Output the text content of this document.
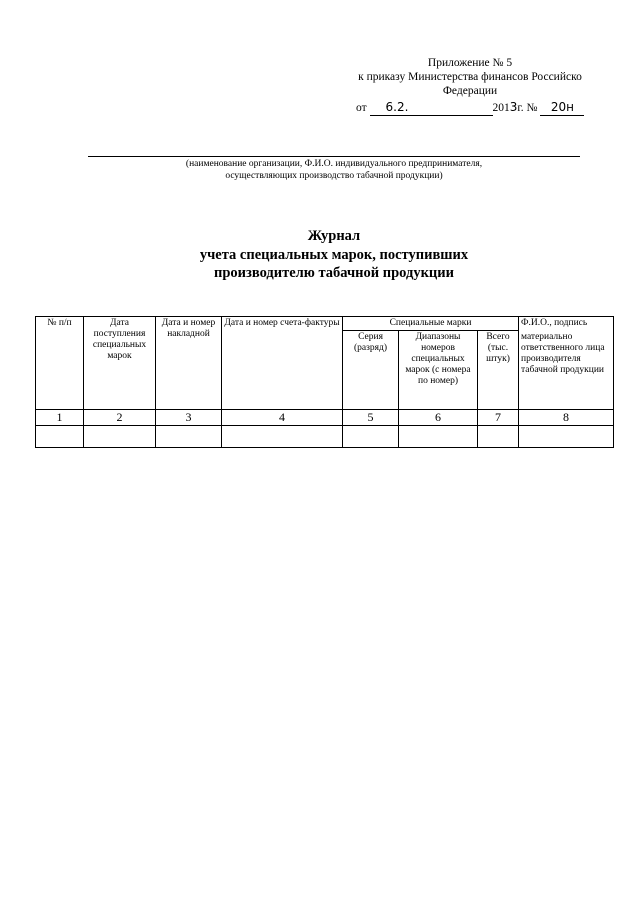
Приложение № 5
к приказу Министерства финансов Российско
Федерации
от 6.2.	2013г. № 20н
(наименование организации, Ф.И.О. индивидуального предпринимателя,
осуществляющих производство табачной продукции)
Журнал
учета специальных марок, поступивших
производителю табачной продукции
№ п/п	Дата поступления специальных марок	Дата и номер накладной	Дата и номер счета-фактуры	Специальные марки			Ф.И.О., подпись
				Серия (разряд)	Диапазоны номеров специальных марок (с номера по номер)	Всего (тыс. штук)	материально ответственного лица производителя табачной продукции
1	2	3	4	5	6	7	8
